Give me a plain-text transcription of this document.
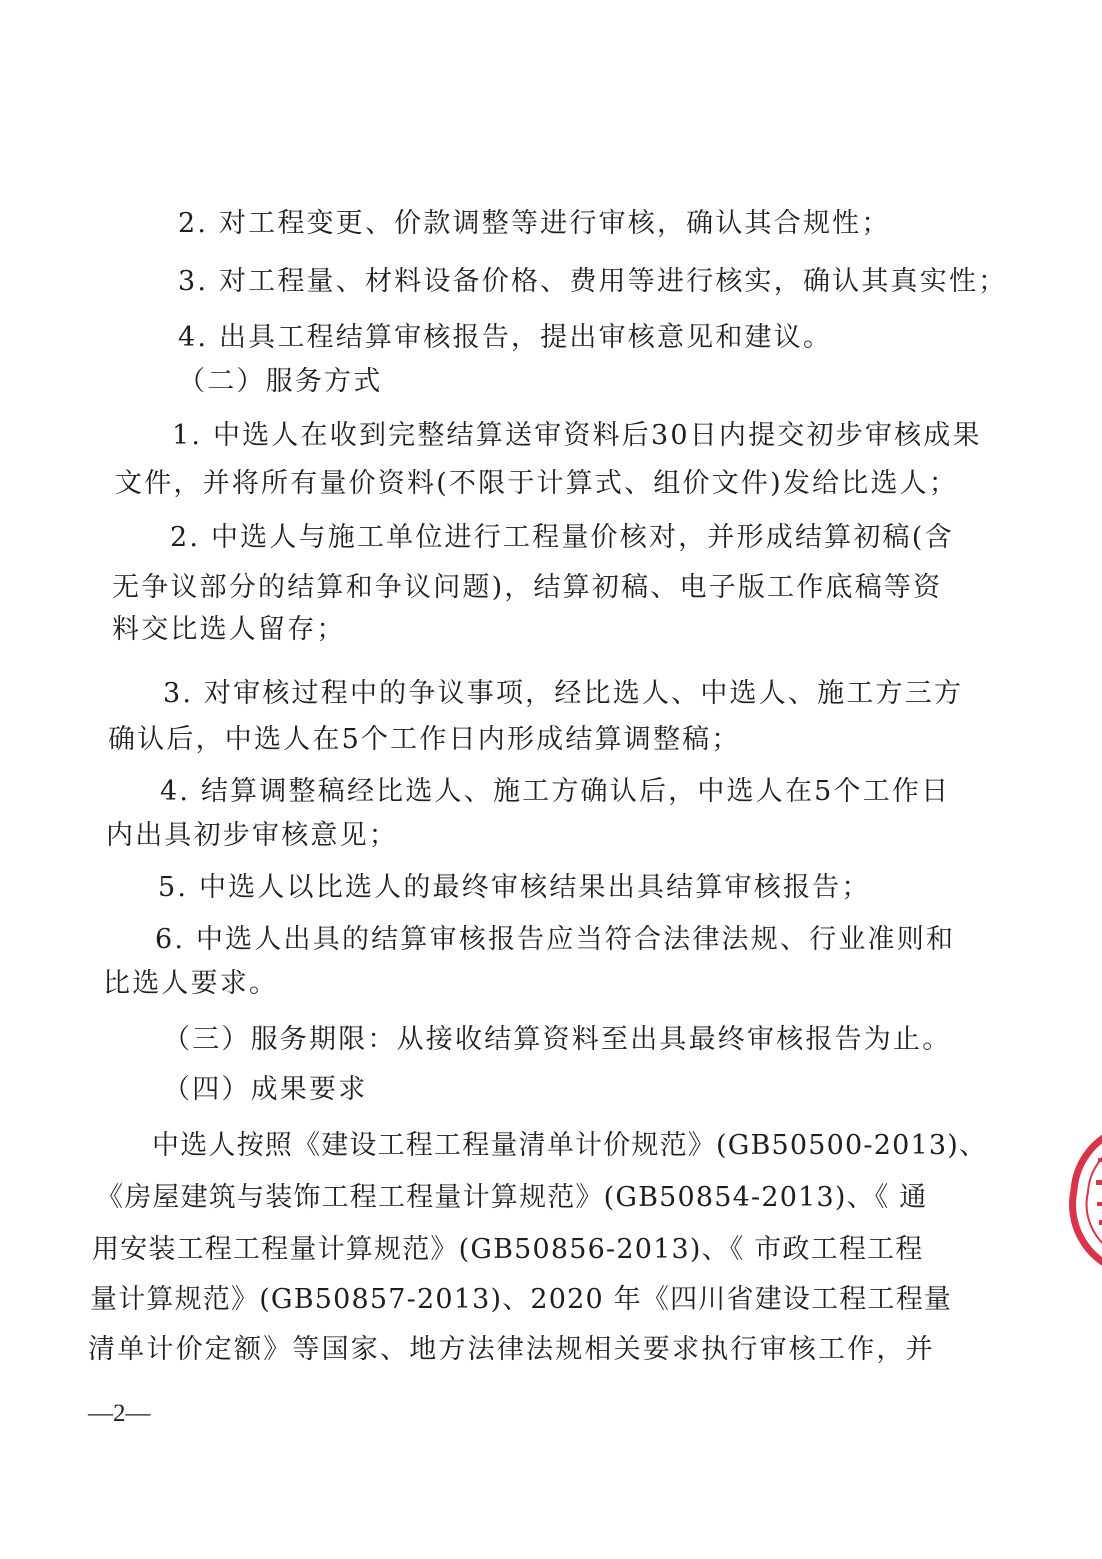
2. 对工程变更、价款调整等进行审核，确认其合规性；
3. 对工程量、材料设备价格、费用等进行核实，确认其真实性；
4. 出具工程结算审核报告，提出审核意见和建议。
（二）服务方式
1. 中选人在收到完整结算送审资料后30日内提交初步审核成果
文件，并将所有量价资料(不限于计算式、组价文件)发给比选人；
2. 中选人与施工单位进行工程量价核对，并形成结算初稿(含
无争议部分的结算和争议问题)，结算初稿、电子版工作底稿等资
料交比选人留存；
3. 对审核过程中的争议事项，经比选人、中选人、施工方三方
确认后，中选人在5个工作日内形成结算调整稿；
4. 结算调整稿经比选人、施工方确认后，中选人在5个工作日
内出具初步审核意见；
5. 中选人以比选人的最终审核结果出具结算审核报告；
6. 中选人出具的结算审核报告应当符合法律法规、行业准则和
比选人要求。
（三）服务期限：从接收结算资料至出具最终审核报告为止。
（四）成果要求
中选人按照《建设工程工程量清单计价规范》(GB50500-2013)、
《房屋建筑与装饰工程工程量计算规范》(GB50854-2013)、《 通
用安装工程工程量计算规范》(GB50856-2013)、《 市政工程工程
量计算规范》(GB50857-2013)、2020 年《四川省建设工程工程量
清单计价定额》等国家、地方法律法规相关要求执行审核工作，并
—2—
